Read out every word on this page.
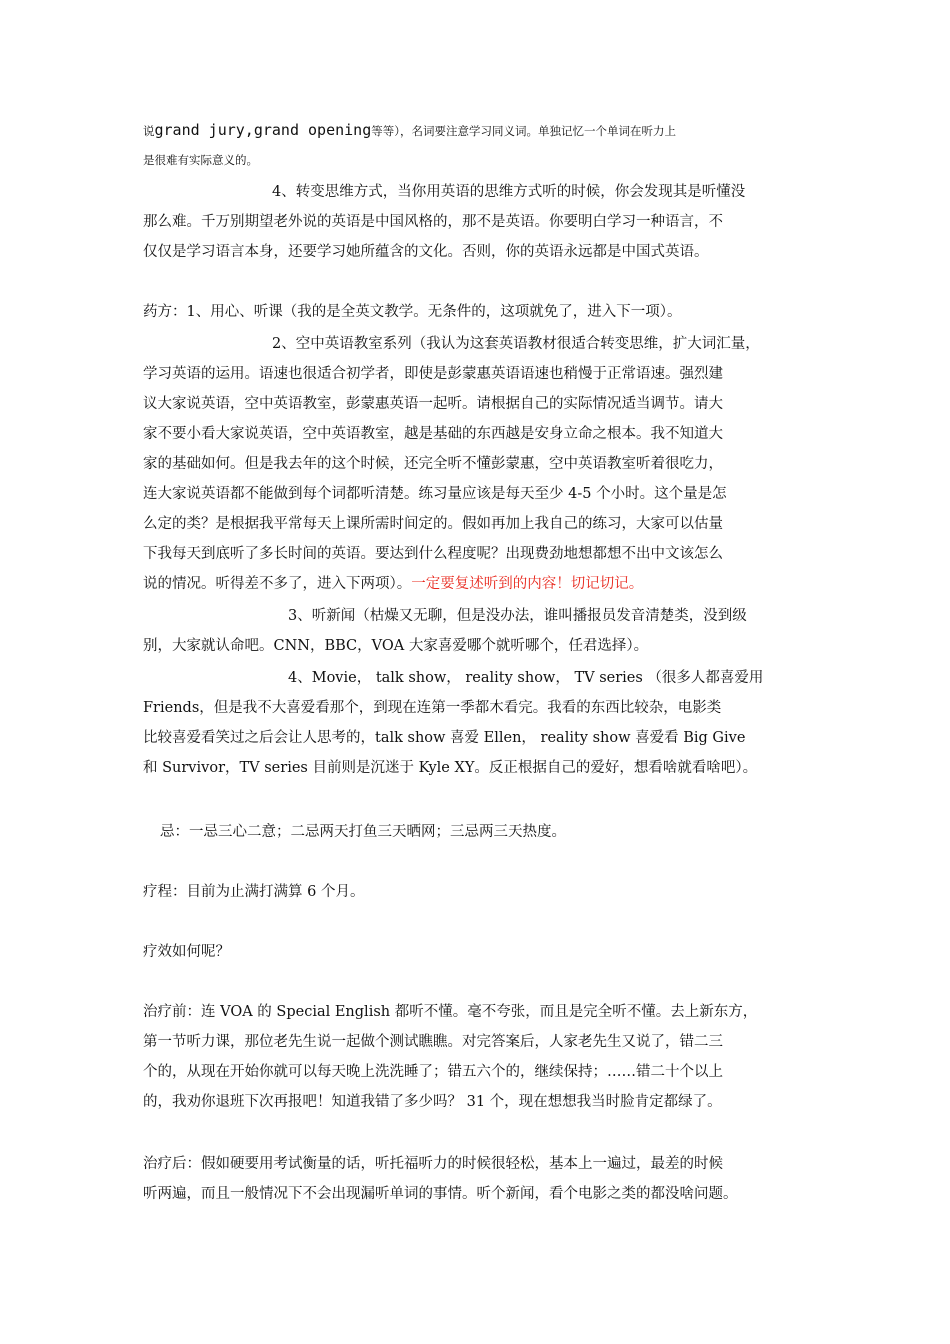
说grand jury,grand opening等等），名词要注意学习同义词。单独记忆一个单词在听力上
是很难有实际意义的。
4、转变思维方式，当你用英语的思维方式听的时候，你会发现其是听懂没
那么难。千万别期望老外说的英语是中国风格的，那不是英语。你要明白学习一种语言，不
仅仅是学习语言本身，还要学习她所蕴含的文化。否则，你的英语永远都是中国式英语。
药方：1、用心、听课（我的是全英文教学。无条件的，这项就免了，进入下一项）。
2、空中英语教室系列（我认为这套英语教材很适合转变思维，扩大词汇量，
学习英语的运用。语速也很适合初学者，即使是彭蒙惠英语语速也稍慢于正常语速。强烈建
议大家说英语，空中英语教室，彭蒙惠英语一起听。请根据自己的实际情况适当调节。请大
家不要小看大家说英语，空中英语教室，越是基础的东西越是安身立命之根本。我不知道大
家的基础如何。但是我去年的这个时候，还完全听不懂彭蒙惠，空中英语教室听着很吃力，
连大家说英语都不能做到每个词都听清楚。练习量应该是每天至少 4-5 个小时。这个量是怎
么定的类？是根据我平常每天上课所需时间定的。假如再加上我自己的练习，大家可以估量
下我每天到底听了多长时间的英语。要达到什么程度呢？出现费劲地想都想不出中文该怎么
说的情况。听得差不多了，进入下两项）。一定要复述听到的内容！切记切记。
3、听新闻（枯燥又无聊，但是没办法，谁叫播报员发音清楚类，没到级
别，大家就认命吧。CNN，BBC，VOA 大家喜爱哪个就听哪个，任君选择）。
4、Movie， talk show， reality show， TV series （很多人都喜爱用
Friends，但是我不大喜爱看那个，到现在连第一季都木看完。我看的东西比较杂，电影类
比较喜爱看笑过之后会让人思考的，talk show 喜爱 Ellen， reality show 喜爱看 Big Give
和 Survivor，TV series 目前则是沉迷于 Kyle XY。反正根据自己的爱好，想看啥就看啥吧）。
忌：一忌三心二意；二忌两天打鱼三天晒网；三忌两三天热度。
疗程：目前为止满打满算 6 个月。
疗效如何呢？
治疗前：连 VOA 的 Special English 都听不懂。毫不夸张，而且是完全听不懂。去上新东方，
第一节听力课，那位老先生说一起做个测试瞧瞧。对完答案后，人家老先生又说了，错二三
个的，从现在开始你就可以每天晚上洗洗睡了；错五六个的，继续保持；……错二十个以上
的，我劝你退班下次再报吧！知道我错了多少吗？ 31 个，现在想想我当时脸肯定都绿了。
治疗后：假如硬要用考试衡量的话，听托福听力的时候很轻松，基本上一遍过，最差的时候
听两遍，而且一般情况下不会出现漏听单词的事情。听个新闻，看个电影之类的都没啥问题。
